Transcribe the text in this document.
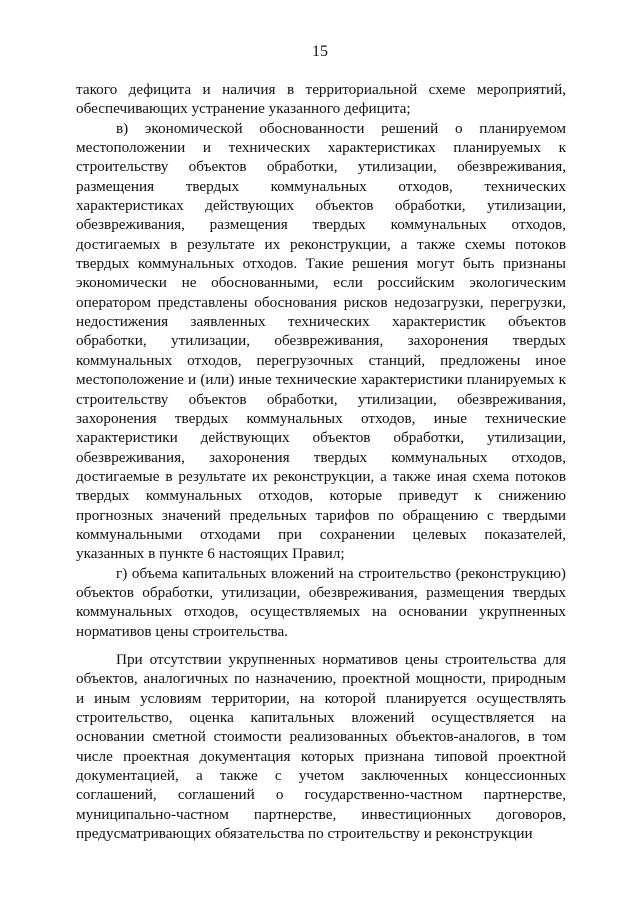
15

такого дефицита и наличия в территориальной схеме мероприятий, обеспечивающих устранение указанного дефицита;

в) экономической обоснованности решений о планируемом местоположении и технических характеристиках планируемых к строительству объектов обработки, утилизации, обезвреживания, размещения твердых коммунальных отходов, технических характеристиках действующих объектов обработки, утилизации, обезвреживания, размещения твердых коммунальных отходов, достигаемых в результате их реконструкции, а также схемы потоков твердых коммунальных отходов. Такие решения могут быть признаны экономически не обоснованными, если российским экологическим оператором представлены обоснования рисков недозагрузки, перегрузки, недостижения заявленных технических характеристик объектов обработки, утилизации, обезвреживания, захоронения твердых коммунальных отходов, перегрузочных станций, предложены иное местоположение и (или) иные технические характеристики планируемых к строительству объектов обработки, утилизации, обезвреживания, захоронения твердых коммунальных отходов, иные технические характеристики действующих объектов обработки, утилизации, обезвреживания, захоронения твердых коммунальных отходов, достигаемые в результате их реконструкции, а также иная схема потоков твердых коммунальных отходов, которые приведут к снижению прогнозных значений предельных тарифов по обращению с твердыми коммунальными отходами при сохранении целевых показателей, указанных в пункте 6 настоящих Правил;

г) объема капитальных вложений на строительство (реконструкцию) объектов обработки, утилизации, обезвреживания, размещения твердых коммунальных отходов, осуществляемых на основании укрупненных нормативов цены строительства.

При отсутствии укрупненных нормативов цены строительства для объектов, аналогичных по назначению, проектной мощности, природным и иным условиям территории, на которой планируется осуществлять строительство, оценка капитальных вложений осуществляется на основании сметной стоимости реализованных объектов-аналогов, в том числе проектная документация которых признана типовой проектной документацией, а также с учетом заключенных концессионных соглашений, соглашений о государственно-частном партнерстве, муниципально-частном партнерстве, инвестиционных договоров, предусматривающих обязательства по строительству и реконструкции
